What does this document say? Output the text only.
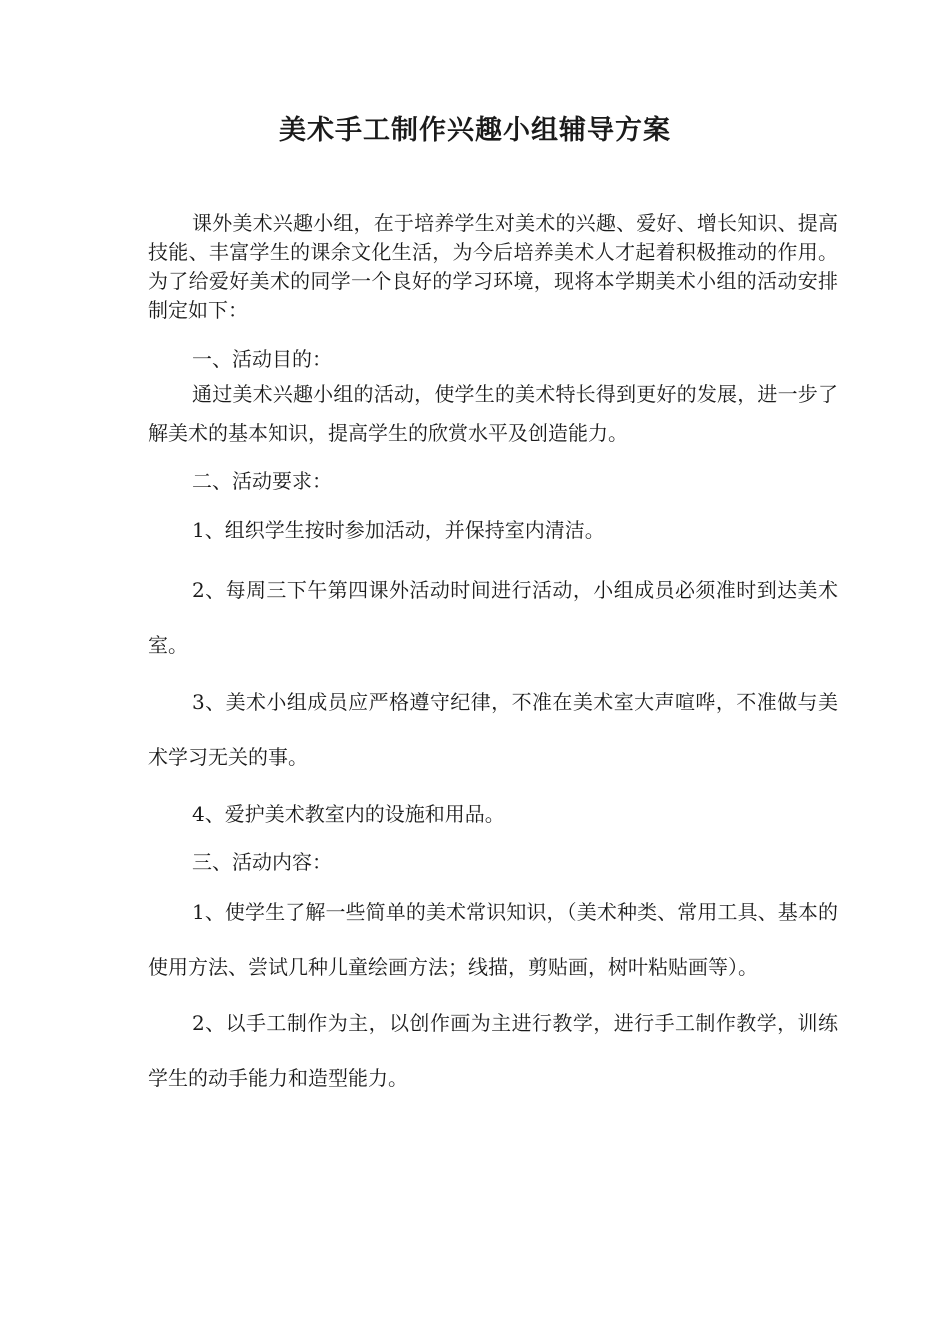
美术手工制作兴趣小组辅导方案

课外美术兴趣小组，在于培养学生对美术的兴趣、爱好、增长知识、提高技能、丰富学生的课余文化生活，为今后培养美术人才起着积极推动的作用。为了给爱好美术的同学一个良好的学习环境，现将本学期美术小组的活动安排制定如下：

一、活动目的：

通过美术兴趣小组的活动，使学生的美术特长得到更好的发展，进一步了解美术的基本知识，提高学生的欣赏水平及创造能力。

二、活动要求：

1、组织学生按时参加活动，并保持室内清洁。

2、每周三下午第四课外活动时间进行活动，小组成员必须准时到达美术室。

3、美术小组成员应严格遵守纪律，不准在美术室大声喧哗，不准做与美术学习无关的事。

4、爱护美术教室内的设施和用品。

三、活动内容：

1、使学生了解一些简单的美术常识知识，（美术种类、常用工具、基本的使用方法、尝试几种儿童绘画方法；线描，剪贴画，树叶粘贴画等）。

2、以手工制作为主，以创作画为主进行教学，进行手工制作教学，训练学生的动手能力和造型能力。
